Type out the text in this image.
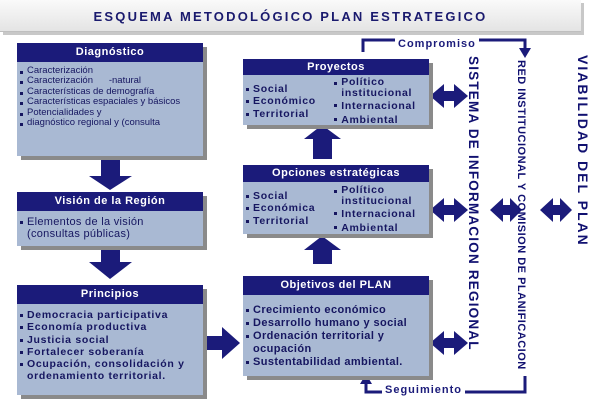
ESQUEMA METODOLÓGICO PLAN ESTRATEGICO
Compromiso
Seguimiento
Diagnóstico
Caracterización
Caracterización      -natural
Características de demografía
Características espaciales y básicos
Potencialidades y
diagnóstico regional y (consulta
Visión de la Región
Elementos de la visión (consultas públicas)
Principios
Democracia participativa
Economía productiva
Justicia social
Fortalecer soberanía
Ocupación, consolidación y ordenamiento territorial.
Proyectos
Social
Económico
Territorial
Político institucional
Internacional
Ambiental
Opciones estratégicas
Social
Económica
Territorial
Político institucional
Internacional
Ambiental
Objetivos del PLAN
Crecimiento económico
Desarrollo humano y social
Ordenación territorial y ocupación
Sustentabilidad ambiental.
SISTEMA DE INFORMACION REGIONAL	RED INSTITUCIONAL Y COMISION DE PLANIFICACION	VIABILIDAD DEL PLAN
